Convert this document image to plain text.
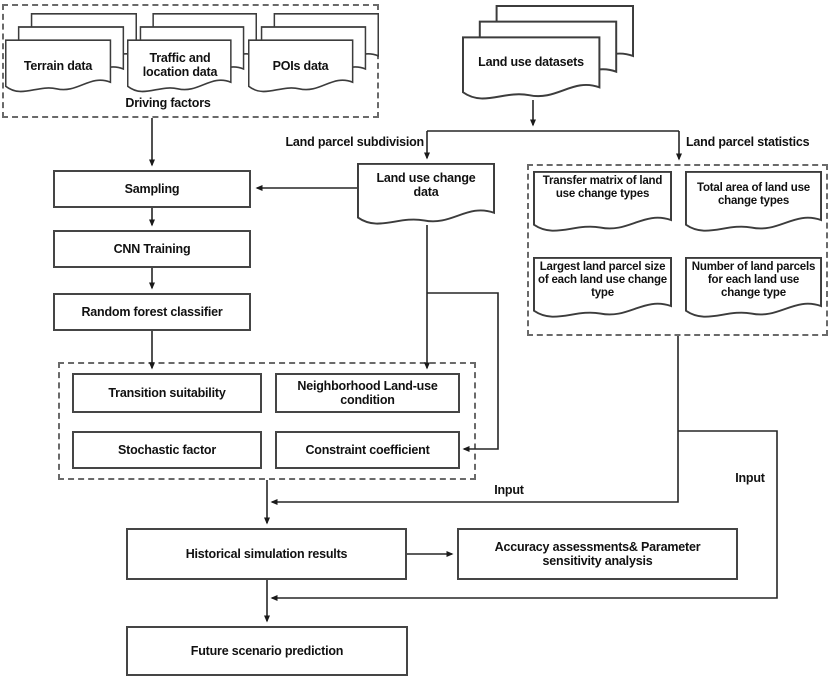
Terrain data
Traffic and location data	POIs data
Driving factors
Land use datasets
Land parcel subdivision	Land parcel statistics
Land use change data
Sampling
CNN Training
Random forest classifier
Transfer matrix of land use change types
Total area of land use change types
Largest land parcel size of each land use change type
Number of land parcels for each land use change type
Transition suitability
Neighborhood Land-use condition
Stochastic factor	Constraint coefficient
Input
Input
Historical simulation results
Accuracy assessments& Parameter sensitivity analysis
Future scenario prediction
